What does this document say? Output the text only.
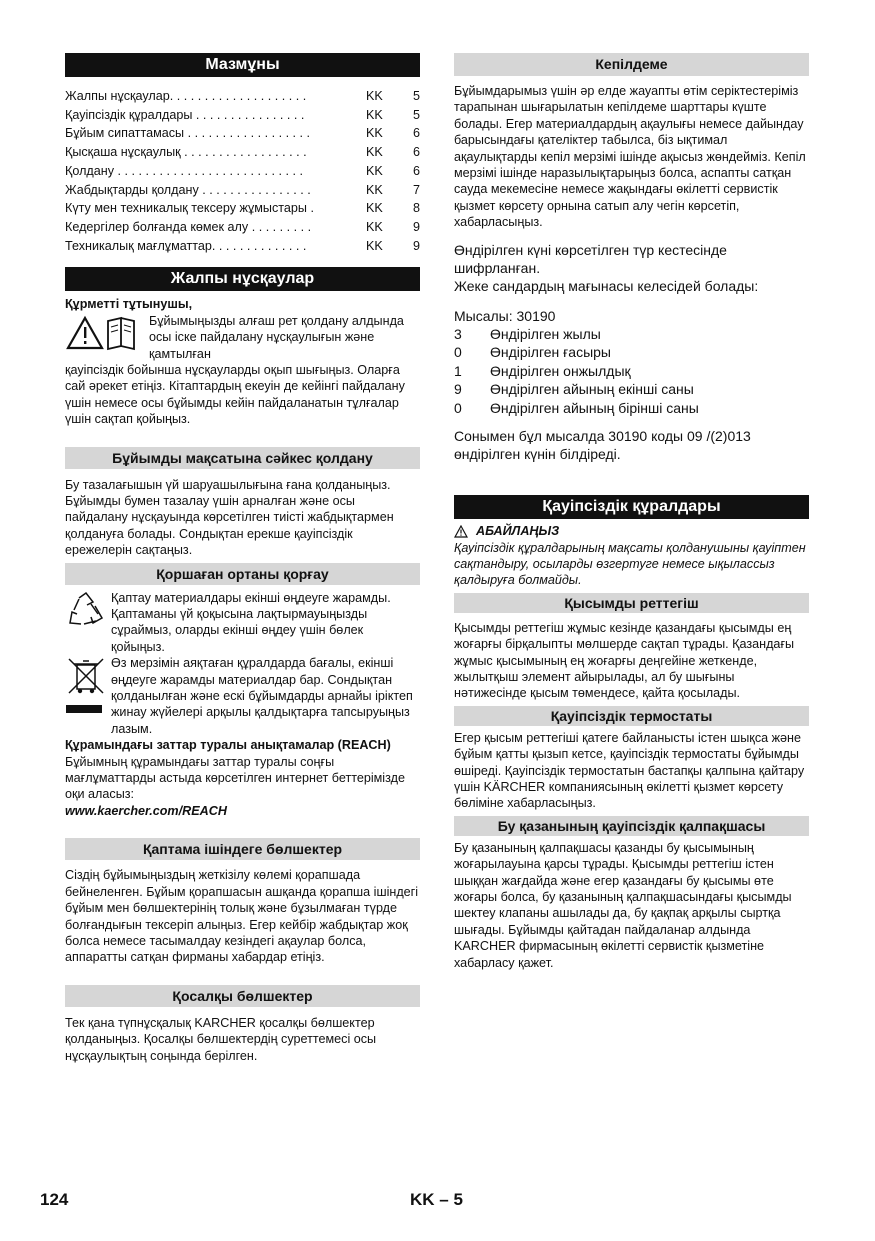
Мазмұны
Жалпы нұсқаулар. . . . . . . . . . . . . . . . . . . .	KK	5
Қауіпсіздік құралдары . . . . . . . . . . . . . . . .	KK	5
Бұйым сипаттамасы . . . . . . . . . . . . . . . . . .	KK	6
Қысқаша нұсқаулық . . . . . . . . . . . . . . . . . .	KK	6
Қолдану . . . . . . . . . . . . . . . . . . . . . . . . . . .	KK	6
Жабдықтарды қолдану . . . . . . . . . . . . . . . .	KK	7
Күту мен техникалық тексеру жұмыстары .	KK	8
Кедергілер болғанда көмек алу . . . . . . . . .	KK	9
Техникалық мағлұматтар. . . . . . . . . . . . . .	KK	9
Жалпы нұсқаулар

Құрметті тұтынушы,

Бұйымыңызды алғаш рет қолдану алдында осы іске пайдалану нұсқаулығын және қамтылған

қауіпсіздік бойынша нұсқауларды оқып шығыңыз. Оларға сай әрекет етіңіз. Кітаптардың екеуін де кейінгі пайдалану үшін немесе осы бұйымды кейін пайдаланатын тұлғалар үшін сақтап қойыңыз.

Бұйымды мақсатына сәйкес қолдану

Бу тазалағышын үй шаруашылығына ғана қолданыңыз. Бұйымды бумен тазалау үшін арналған және осы пайдалану нұсқауында көрсетілген тиісті жабдықтармен қолдануға болады. Сондықтан ерекше қауіпсіздік ережелерін сақтаңыз.

Қоршаған ортаны қорғау

Қаптау материалдары екінші өңдеуге жарамды. Қаптаманы үй қоқысына лақтырмауыңызды сұраймыз, оларды екінші өңдеу үшін бөлек қойыңыз.

Өз мерзімін аяқтаған құралдарда бағалы, екінші өңдеуге жарамды материалдар бар. Сондықтан қолданылған және ескі бұйымдарды арнайы іріктеп жинау жүйелері арқылы қалдықтарға тапсыруыңыз лазым.

Құрамындағы заттар туралы анықтамалар (REACH)

Бұйымның құрамындағы заттар туралы соңғы мағлұматтарды астыда көрсетілген интернет беттерімізде оқи аласыз:

www.kaercher.com/REACH

Қаптама ішіндеге бөлшектер

Сіздің бұйымыңыздың жеткізілу көлемі қорапшада бейнеленген. Бұйым қорапшасын ашқанда қорапша ішіндегі бұйым мен бөлшектерінің толық және бұзылмаған түрде болғандығын тексеріп алыңыз. Егер кейбір жабдықтар жоқ болса немесе тасымалдау кезіндегі ақаулар болса, аппаратты сатқан фирманы хабардар етіңіз.

Қосалқы бөлшектер

Тек қана түпнұсқалық KARCHER қосалқы бөлшектер қолданыңыз. Қосалқы бөлшектердің суреттемесі осы нұсқаулықтың соңында берілген.

Кепілдеме

Бұйымдарымыз үшін әр елде жауапты өтім серіктестеріміз тарапынан шығарылатын кепілдеме шарттары күште болады. Егер материалдардың ақаулығы немесе дайындау барысындағы қателіктер табылса, біз ықтимал ақаулықтарды кепіл мерзімі ішінде ақысыз жөндейміз. Кепіл мерзімі ішінде наразылықтарыңыз болса, аспапты сатқан сауда мекемесіне немесе жақындағы өкілетті сервистік қызмет көрсету орнына сатып алу чегін көрсетіп, хабарласыңыз.

Өндірілген күні көрсетілген түр кестесінде шифрланған.

Жеке сандардың мағынасы келесідей болады:

Мысалы: 30190

3	Өндірілген жылы
0	Өндірілген ғасыры
1	Өндірілген онжылдық
9	Өндірілген айының екінші саны
0	Өндірілген айының бірінші саны

Сонымен бұл мысалда 30190 коды 09 /(2)013 өндірілген күнін білдіреді.

Қауіпсіздік құралдары
АБАЙЛАҢЫЗ

Қауіпсіздік құралдарының мақсаты қолданушыны қауіптен сақтандыру, осыларды өзгертуге немесе ықылассыз қалдыруға болмайды.

Қысымды реттегіш

Қысымды реттегіш жұмыс кезінде қазандағы қысымды ең жоғарғы бірқалыпты мөлшерде сақтап тұрады. Қазандағы жұмыс қысымының ең жоғарғы деңгейіне жеткенде, жылытқыш элемент айырылады, ал бу шығыны нәтижесінде қысым төмендесе, қайта қосылады.

Қауіпсіздік термостаты

Егер қысым реттегіші қатегe байланысты істен шықса және бұйым қатты қызып кетсе, қауіпсіздік термостаты бұйымды өшіреді. Қауіпсіздік термостатын бастапқы қалпына қайтару үшін KÄRCHER компаниясының өкілетті қызмет көрсету бөліміне хабарласыңыз.

Бу қазанының қауіпсіздік қалпақшасы

Бу қазанының қалпақшасы қазанды бу қысымының жоғарылауына қарсы тұрады. Қысымды реттегіш істен шыққан жағдайда және егер қазандағы бу қысымы өте жоғары болса, бу қазанының қалпақшасындағы қысымды шектеу клапаны ашылады да, бу қақпақ арқылы сыртқа шығады. Бұйымды қайтадан пайдаланар алдында KARCHER фирмасының өкілетті сервистік қызметіне хабарласу қажет.

124	KK – 5
